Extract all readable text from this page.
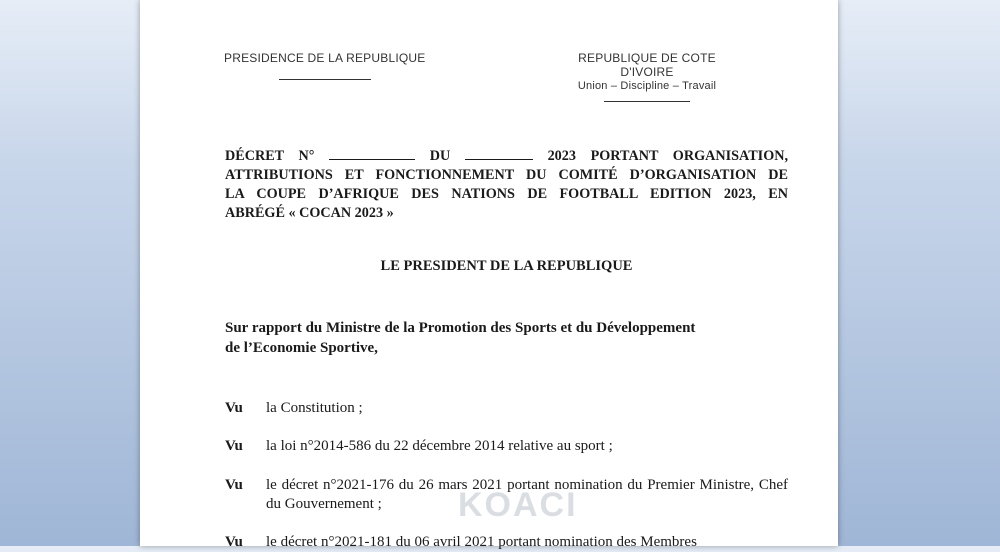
PRESIDENCE DE LA REPUBLIQUE	REPUBLIQUE DE COTE D'IVOIRE
Union – Discipline – Travail
DÉCRET N°	DU	2023 PORTANT ORGANISATION,
ATTRIBUTIONS ET FONCTIONNEMENT DU COMITÉ D’ORGANISATION DE
LA COUPE D’AFRIQUE DES NATIONS DE FOOTBALL EDITION 2023, EN
ABRÉGÉ « COCAN 2023 »
LE PRESIDENT DE LA REPUBLIQUE
Sur rapport du Ministre de la Promotion des Sports et du Développement
de l’Economie Sportive,
Vu la Constitution ;
Vu la loi n°2014-586 du 22 décembre 2014 relative au sport ;
Vu le décret n°2021-176 du 26 mars 2021 portant nomination du Premier Ministre, Chef du Gouvernement ;
Vu le décret n°2021-181 du 06 avril 2021 portant nomination des Membres
KOACI
